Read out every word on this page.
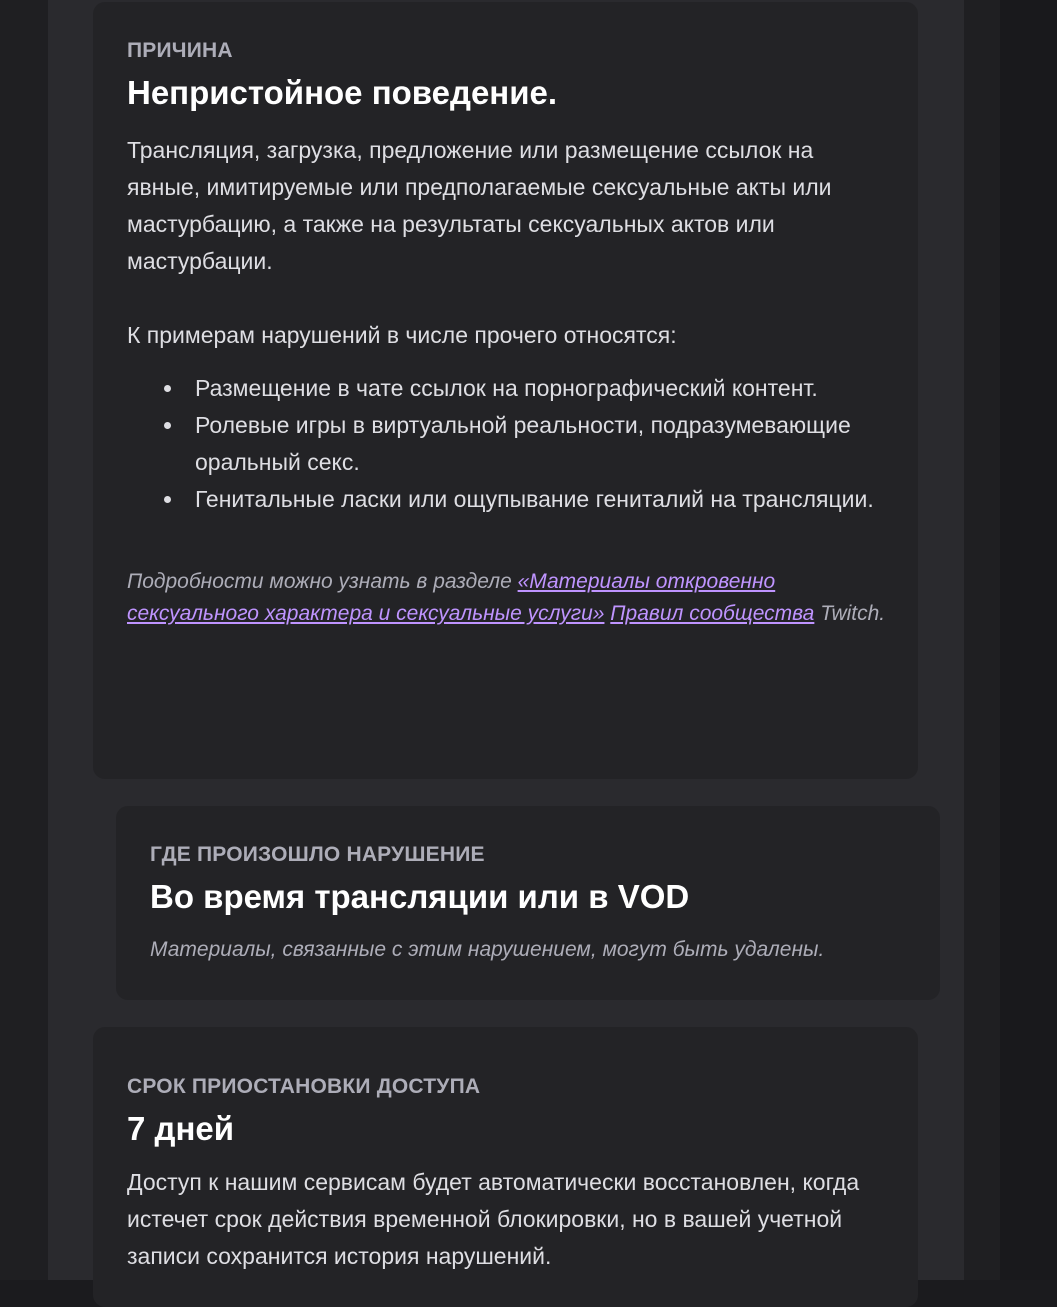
ПРИЧИНА

Непристойное поведение.

Трансляция, загрузка, предложение или размещение ссылок на явные, имитируемые или предполагаемые сексуальные акты или мастурбацию, а также на результаты сексуальных актов или мастурбации.

К примерам нарушений в числе прочего относятся:

Размещение в чате ссылок на порнографический контент.
Ролевые игры в виртуальной реальности, подразумевающие оральный секс.
Генитальные ласки или ощупывание гениталий на трансляции.

Подробности можно узнать в разделе «Материалы откровенно сексуального характера и сексуальные услуги» Правил сообщества Twitch.

ГДЕ ПРОИЗОШЛО НАРУШЕНИЕ

Во время трансляции или в VOD

Материалы, связанные с этим нарушением, могут быть удалены.

СРОК ПРИОСТАНОВКИ ДОСТУПА

7 дней

Доступ к нашим сервисам будет автоматически восстановлен, когда истечет срок действия временной блокировки, но в вашей учетной записи сохранится история нарушений.
